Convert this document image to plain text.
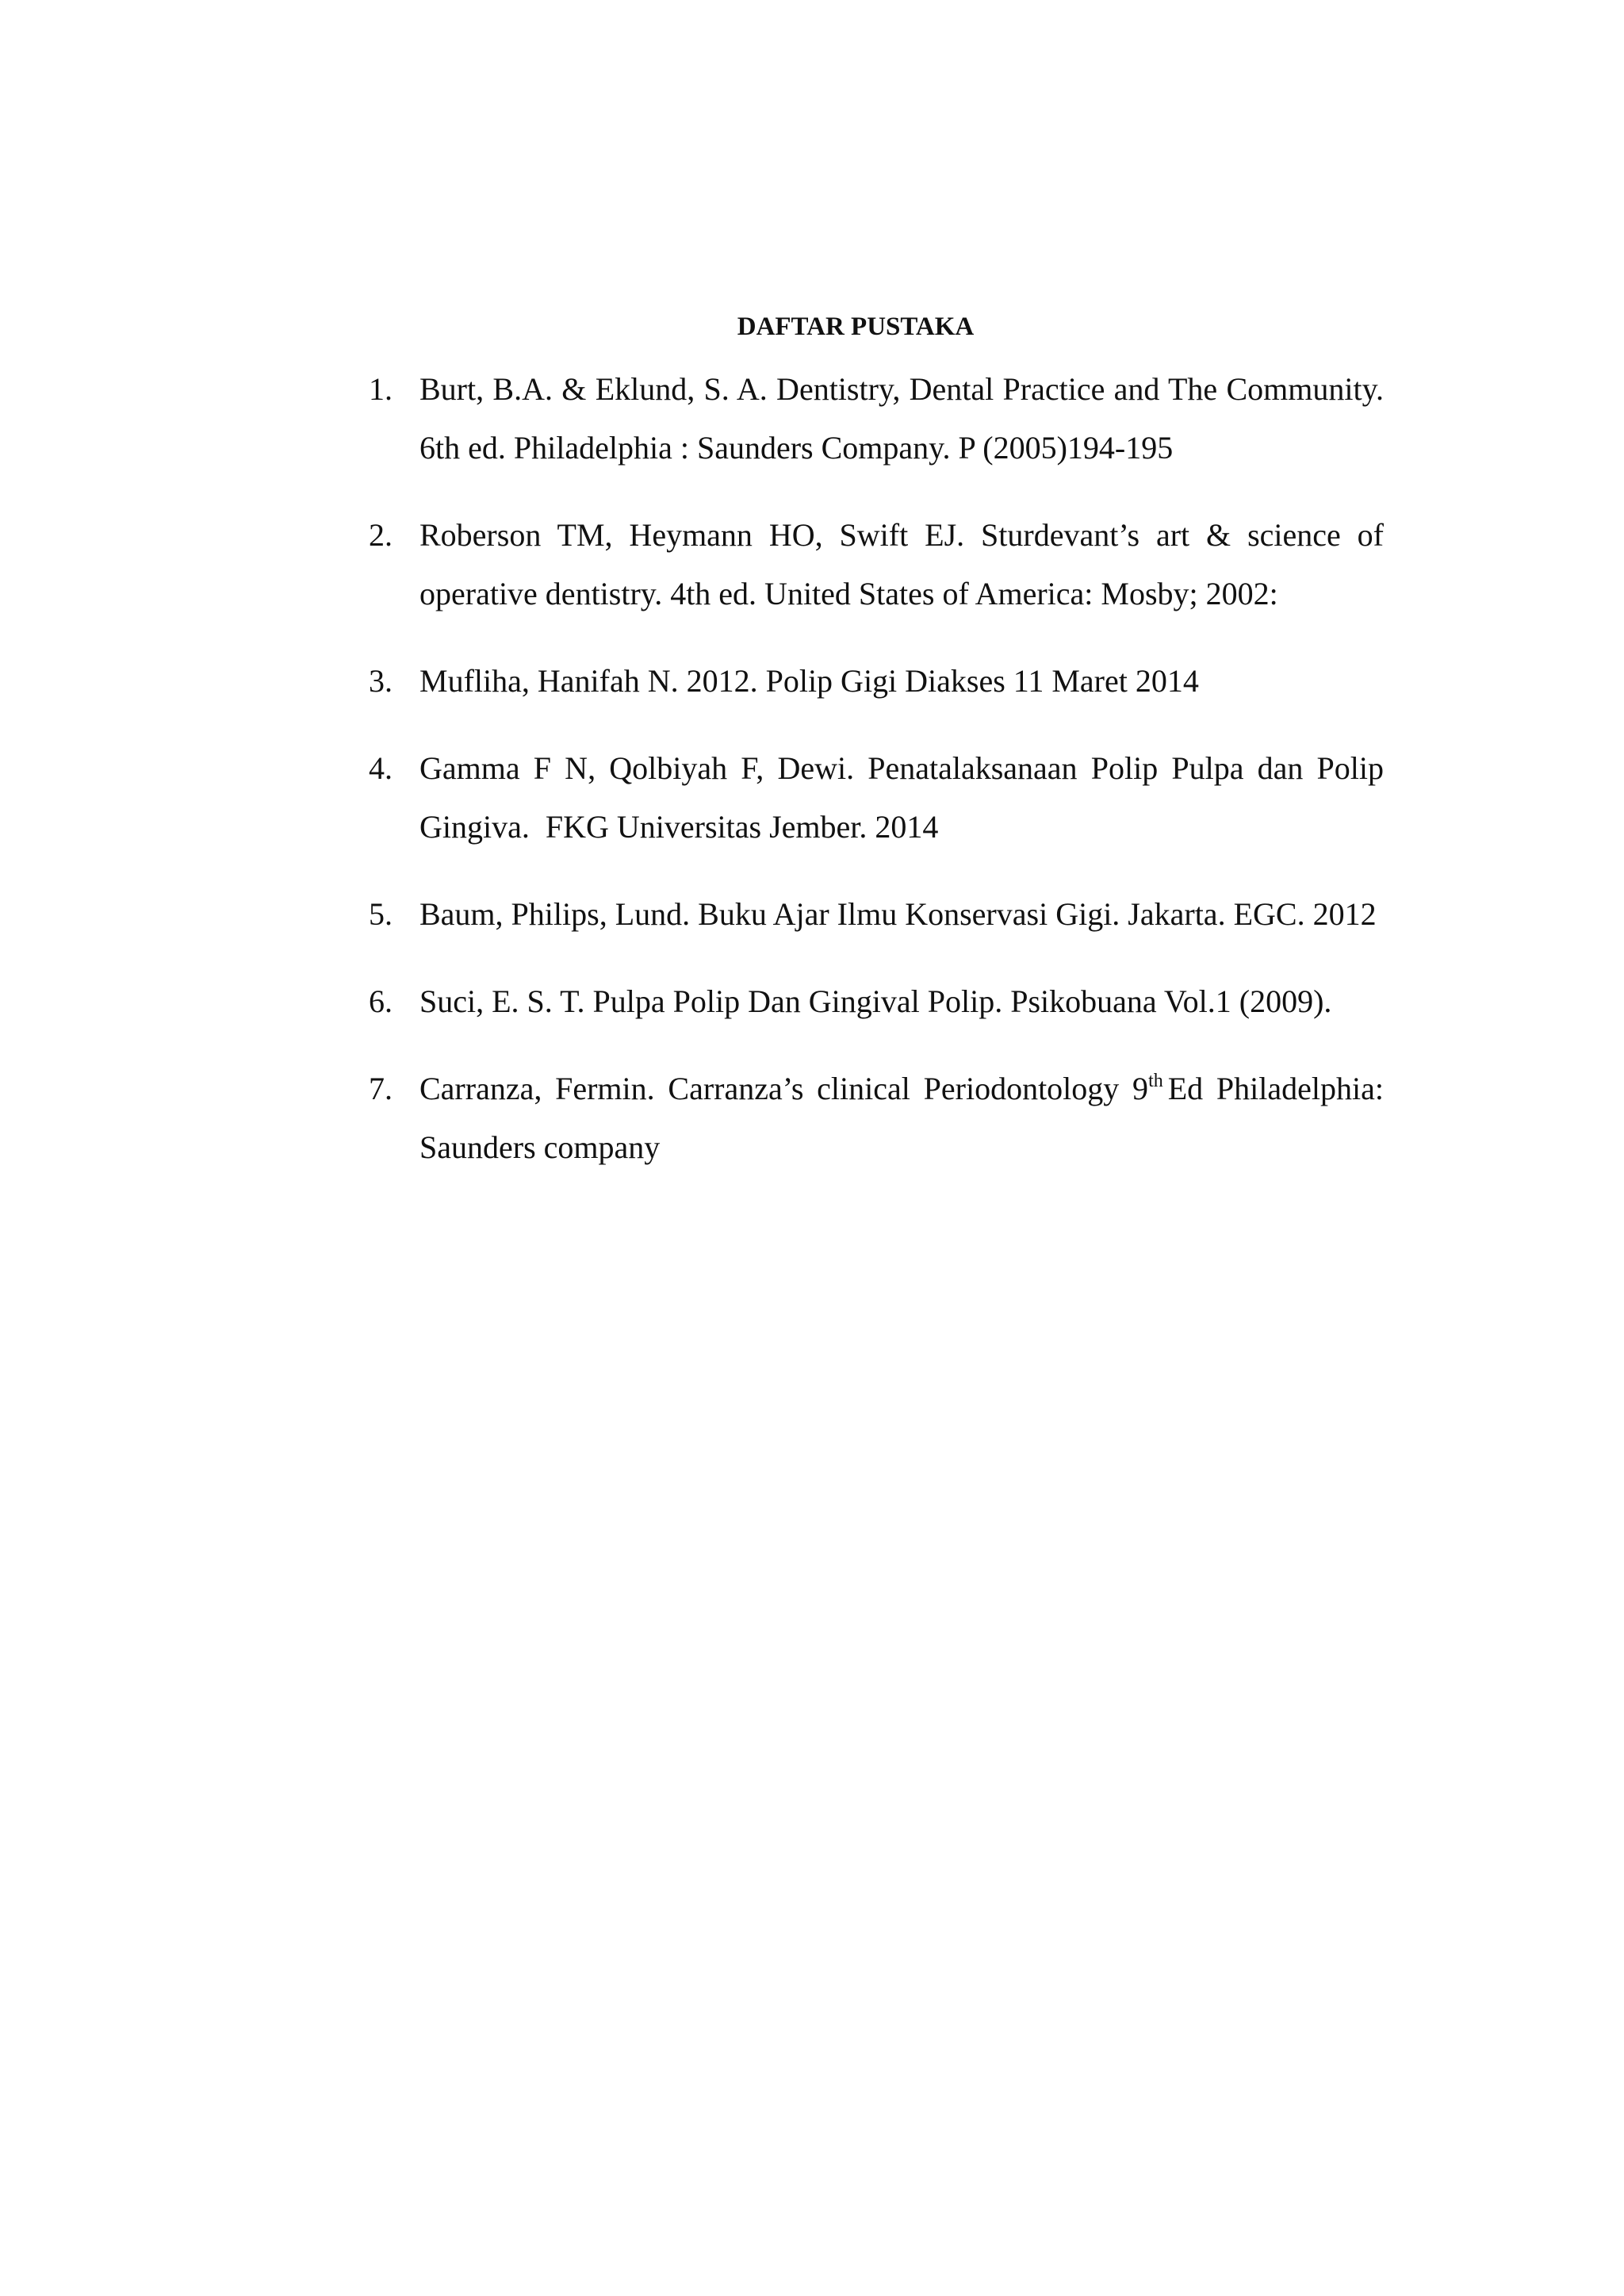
DAFTAR PUSTAKA
1. Burt, B.A. & Eklund, S. A. Dentistry, Dental Practice and The Community. 6th ed. Philadelphia : Saunders Company. P (2005)194-195
2. Roberson TM, Heymann HO, Swift EJ. Sturdevant’s art & science of operative dentistry. 4th ed. United States of America: Mosby; 2002:
3. Mufliha, Hanifah N. 2012. Polip Gigi Diakses 11 Maret 2014
4. Gamma F N, Qolbiyah F, Dewi. Penatalaksanaan Polip Pulpa dan Polip Gingiva.  FKG Universitas Jember. 2014
5. Baum, Philips, Lund. Buku Ajar Ilmu Konservasi Gigi. Jakarta. EGC. 2012
6. Suci, E. S. T. Pulpa Polip Dan Gingival Polip. Psikobuana Vol.1 (2009).
7. Carranza, Fermin. Carranza’s clinical Periodontology 9th Ed Philadelphia: Saunders company
